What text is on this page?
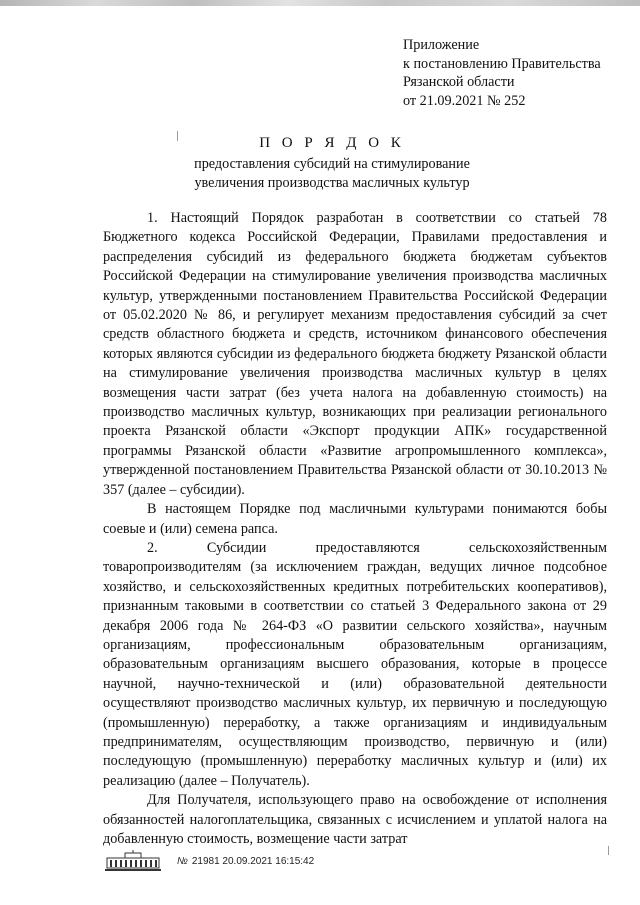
Приложение
к постановлению Правительства
Рязанской области
от 21.09.2021 № 252
П О Р Я Д О К
предоставления субсидий на стимулирование
увеличения производства масличных культур

1. Настоящий Порядок разработан в соответствии со статьей 78 Бюджетного кодекса Российской Федерации, Правилами предоставления и распределения субсидий из федерального бюджета бюджетам субъектов Российской Федерации на стимулирование увеличения производства масличных культур, утвержденными постановлением Правительства Российской Федерации от 05.02.2020 № 86, и регулирует механизм предоставления субсидий за счет средств областного бюджета и средств, источником финансового обеспечения которых являются субсидии из федерального бюджета бюджету Рязанской области на стимулирование увеличения производства масличных культур в целях возмещения части затрат (без учета налога на добавленную стоимость) на производство масличных культур, возникающих при реализации регионального проекта Рязанской области «Экспорт продукции АПК» государственной программы Рязанской области «Развитие агропромышленного комплекса», утвержденной постановлением Правительства Рязанской области от 30.10.2013 № 357 (далее – субсидии).

В настоящем Порядке под масличными культурами понимаются бобы соевые и (или) семена рапса.

2. Субсидии предоставляются сельскохозяйственным товаропроизводителям (за исключением граждан, ведущих личное подсобное хозяйство, и сельскохозяйственных кредитных потребительских кооперативов), признанным таковыми в соответствии со статьей 3 Федерального закона от 29 декабря 2006 года № 264-ФЗ «О развитии сельского хозяйства», научным организациям, профессиональным образовательным организациям, образовательным организациям высшего образования, которые в процессе научной, научно-технической и (или) образовательной деятельности осуществляют производство масличных культур, их первичную и последующую (промышленную) переработку, а также организациям и индивидуальным предпринимателям, осуществляющим производство, первичную и (или) последующую (промышленную) переработку масличных культур и (или) их реализацию (далее – Получатель).

Для Получателя, использующего право на освобождение от исполнения обязанностей налогоплательщика, связанных с исчислением и уплатой налога на добавленную стоимость, возмещение части затрат

№ 21981 20.09.2021 16:15:42
